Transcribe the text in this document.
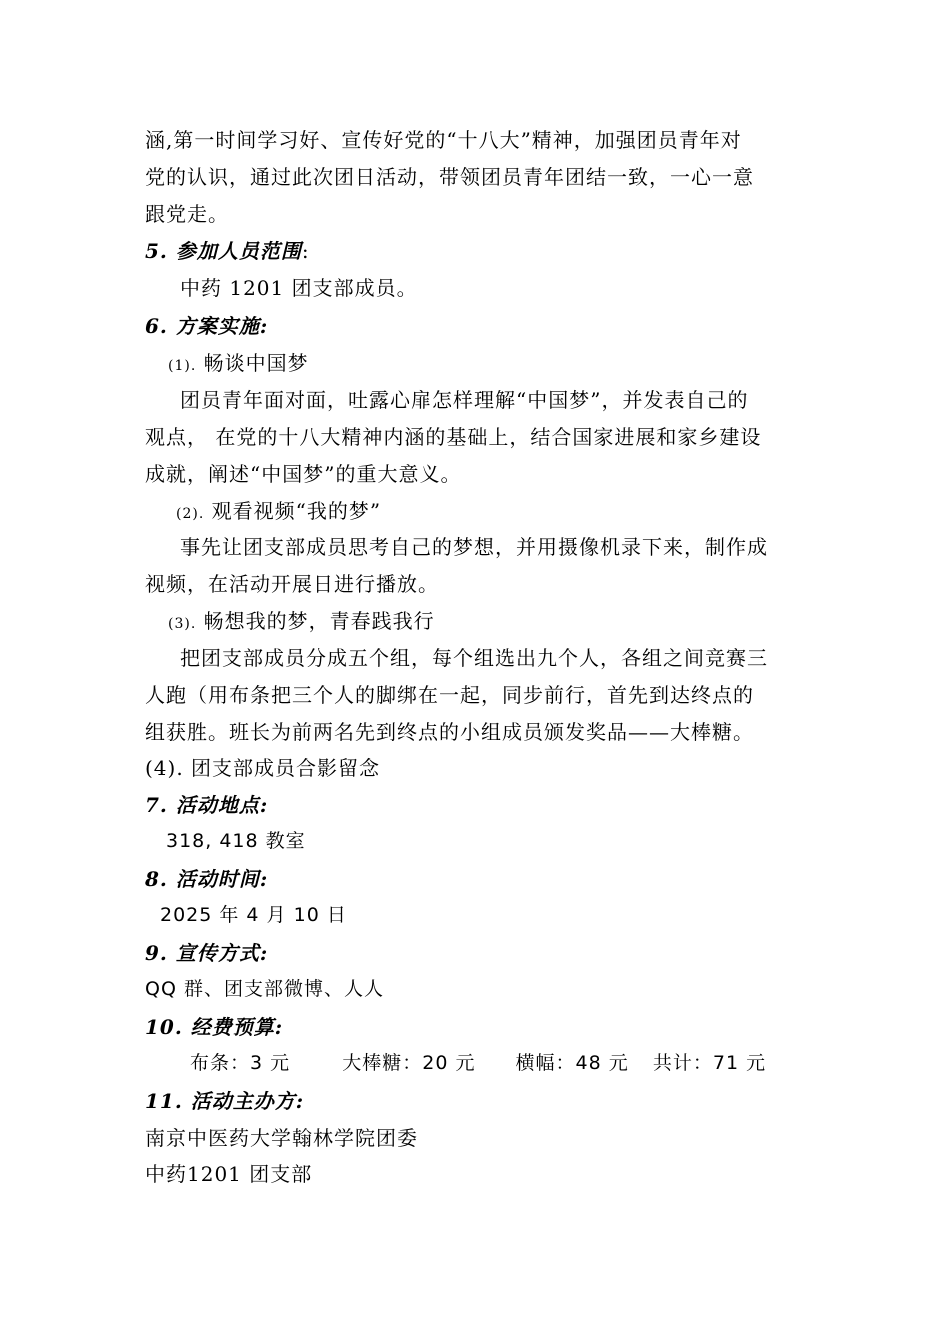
涵,第一时间学习好、宣传好党的“十八大”精神，加强团员青年对
党的认识，通过此次团日活动，带领团员青年团结一致，一心一意
跟党走。
5. 参加人员范围:
中药 1201 团支部成员。
6. 方案实施:
(1). 畅谈中国梦
团员青年面对面，吐露心扉怎样理解“中国梦”，并发表自己的
观点， 在党的十八大精神内涵的基础上，结合国家进展和家乡建设
成就，阐述“中国梦”的重大意义。
(2). 观看视频“我的梦”
事先让团支部成员思考自己的梦想，并用摄像机录下来，制作成
视频，在活动开展日进行播放。
(3). 畅想我的梦，青春践我行
把团支部成员分成五个组，每个组选出九个人，各组之间竞赛三
人跑（用布条把三个人的脚绑在一起，同步前行，首先到达终点的
组获胜。班长为前两名先到终点的小组成员颁发奖品——大棒糖。
(4). 团支部成员合影留念
7. 活动地点:
318, 418 教室
8. 活动时间:
2025 年 4 月 10 日
9. 宣传方式:
QQ 群、团支部微博、人人
10. 经费预算:
布条：3 元	大棒糖：20 元 横幅：48 元 共计：71 元
11. 活动主办方:
南京中医药大学翰林学院团委
中药1201 团支部
